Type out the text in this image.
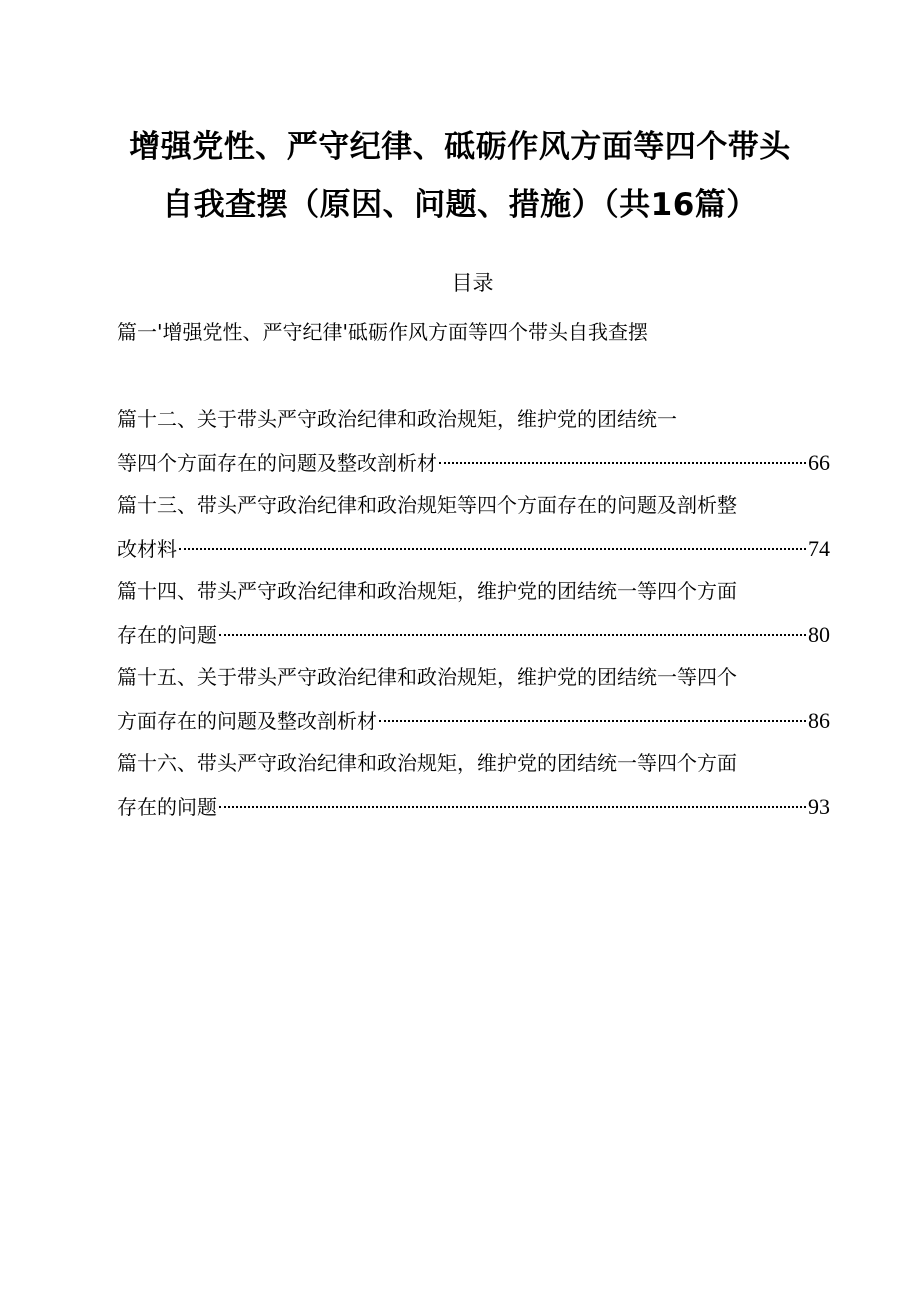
增强党性、严守纪律、砥砺作风方面等四个带头
自我查摆（原因、问题、措施）（共16篇）
目录
篇一'增强党性、严守纪律'砥砺作风方面等四个带头自我查摆
篇十二、关于带头严守政治纪律和政治规矩，维护党的团结统一
等四个方面存在的问题及整改剖析材	66
篇十三、带头严守政治纪律和政治规矩等四个方面存在的问题及剖析整
改材料	74
篇十四、带头严守政治纪律和政治规矩，维护党的团结统一等四个方面
存在的问题	80
篇十五、关于带头严守政治纪律和政治规矩，维护党的团结统一等四个
方面存在的问题及整改剖析材	86
篇十六、带头严守政治纪律和政治规矩，维护党的团结统一等四个方面
存在的问题	93
